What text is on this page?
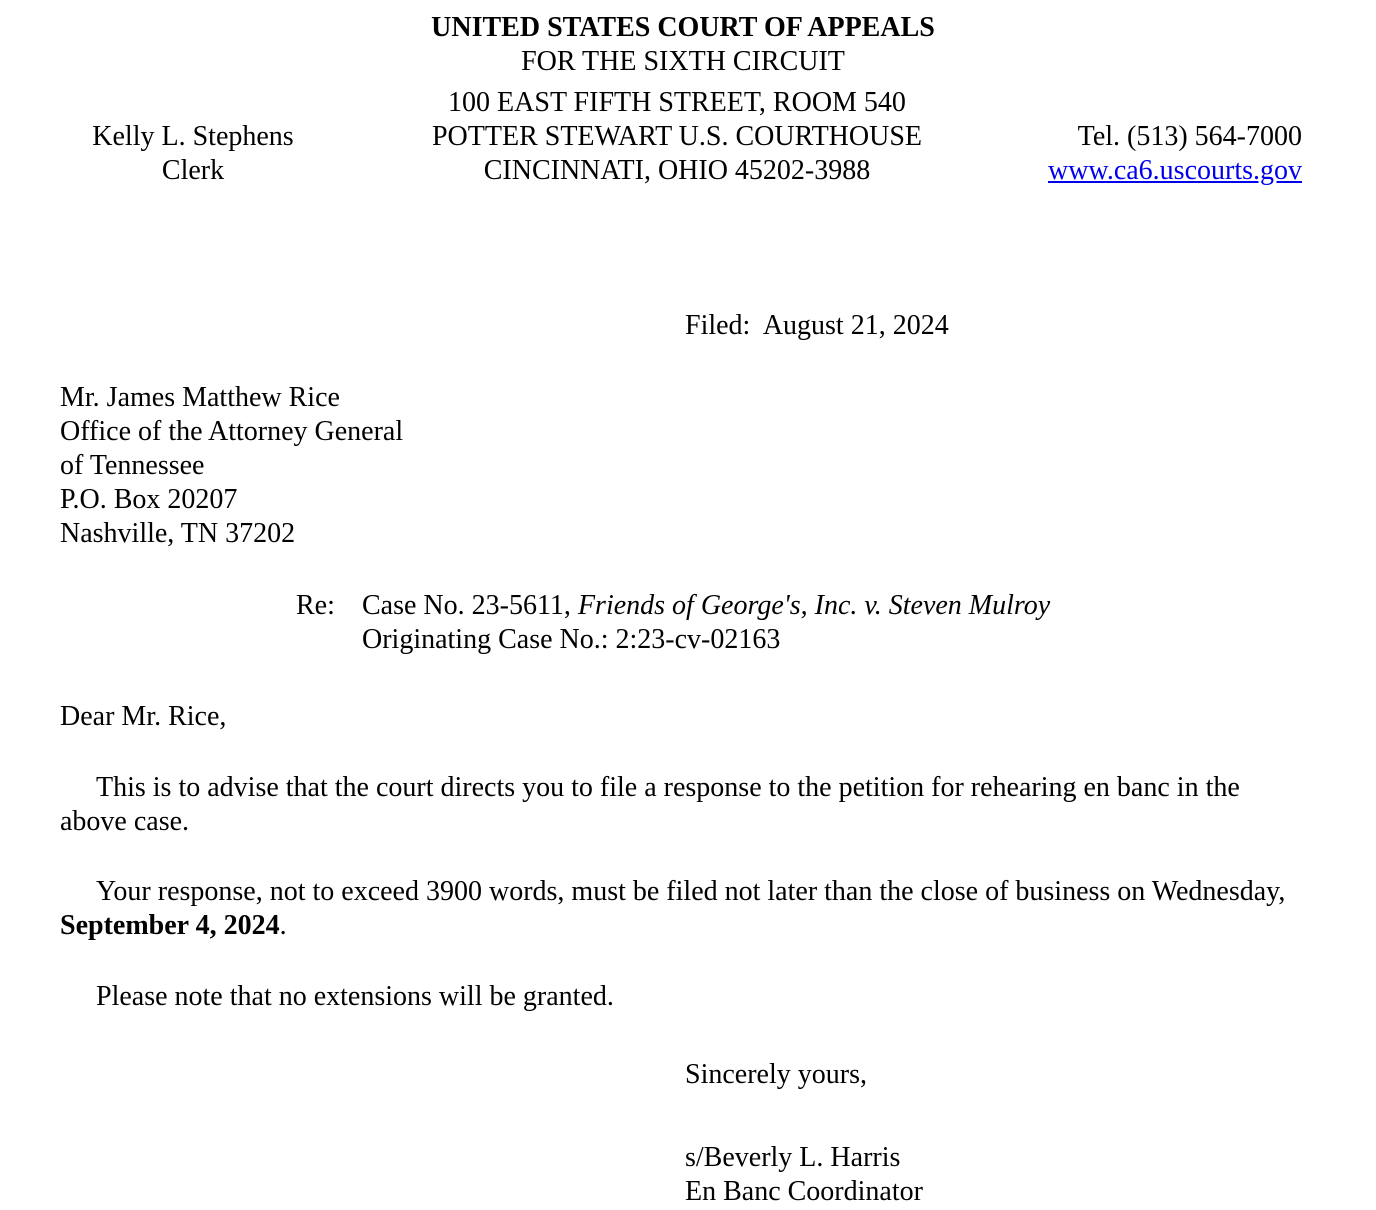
UNITED STATES COURT OF APPEALS
FOR THE SIXTH CIRCUIT
100 EAST FIFTH STREET, ROOM 540
POTTER STEWART U.S. COURTHOUSE
CINCINNATI, OHIO 45202-3988
Kelly L. Stephens
Clerk
Tel. (513) 564-7000
www.ca6.uscourts.gov
Filed: August 21, 2024
Mr. James Matthew Rice
Office of the Attorney General
of Tennessee
P.O. Box 20207
Nashville, TN 37202
Re: Case No. 23-5611, Friends of George's, Inc. v. Steven Mulroy
Originating Case No.: 2:23-cv-02163
Dear Mr. Rice,
This is to advise that the court directs you to file a response to the petition for rehearing en banc in the above case.
Your response, not to exceed 3900 words, must be filed not later than the close of business on Wednesday, September 4, 2024.
Please note that no extensions will be granted.
Sincerely yours,
s/Beverly L. Harris
En Banc Coordinator
